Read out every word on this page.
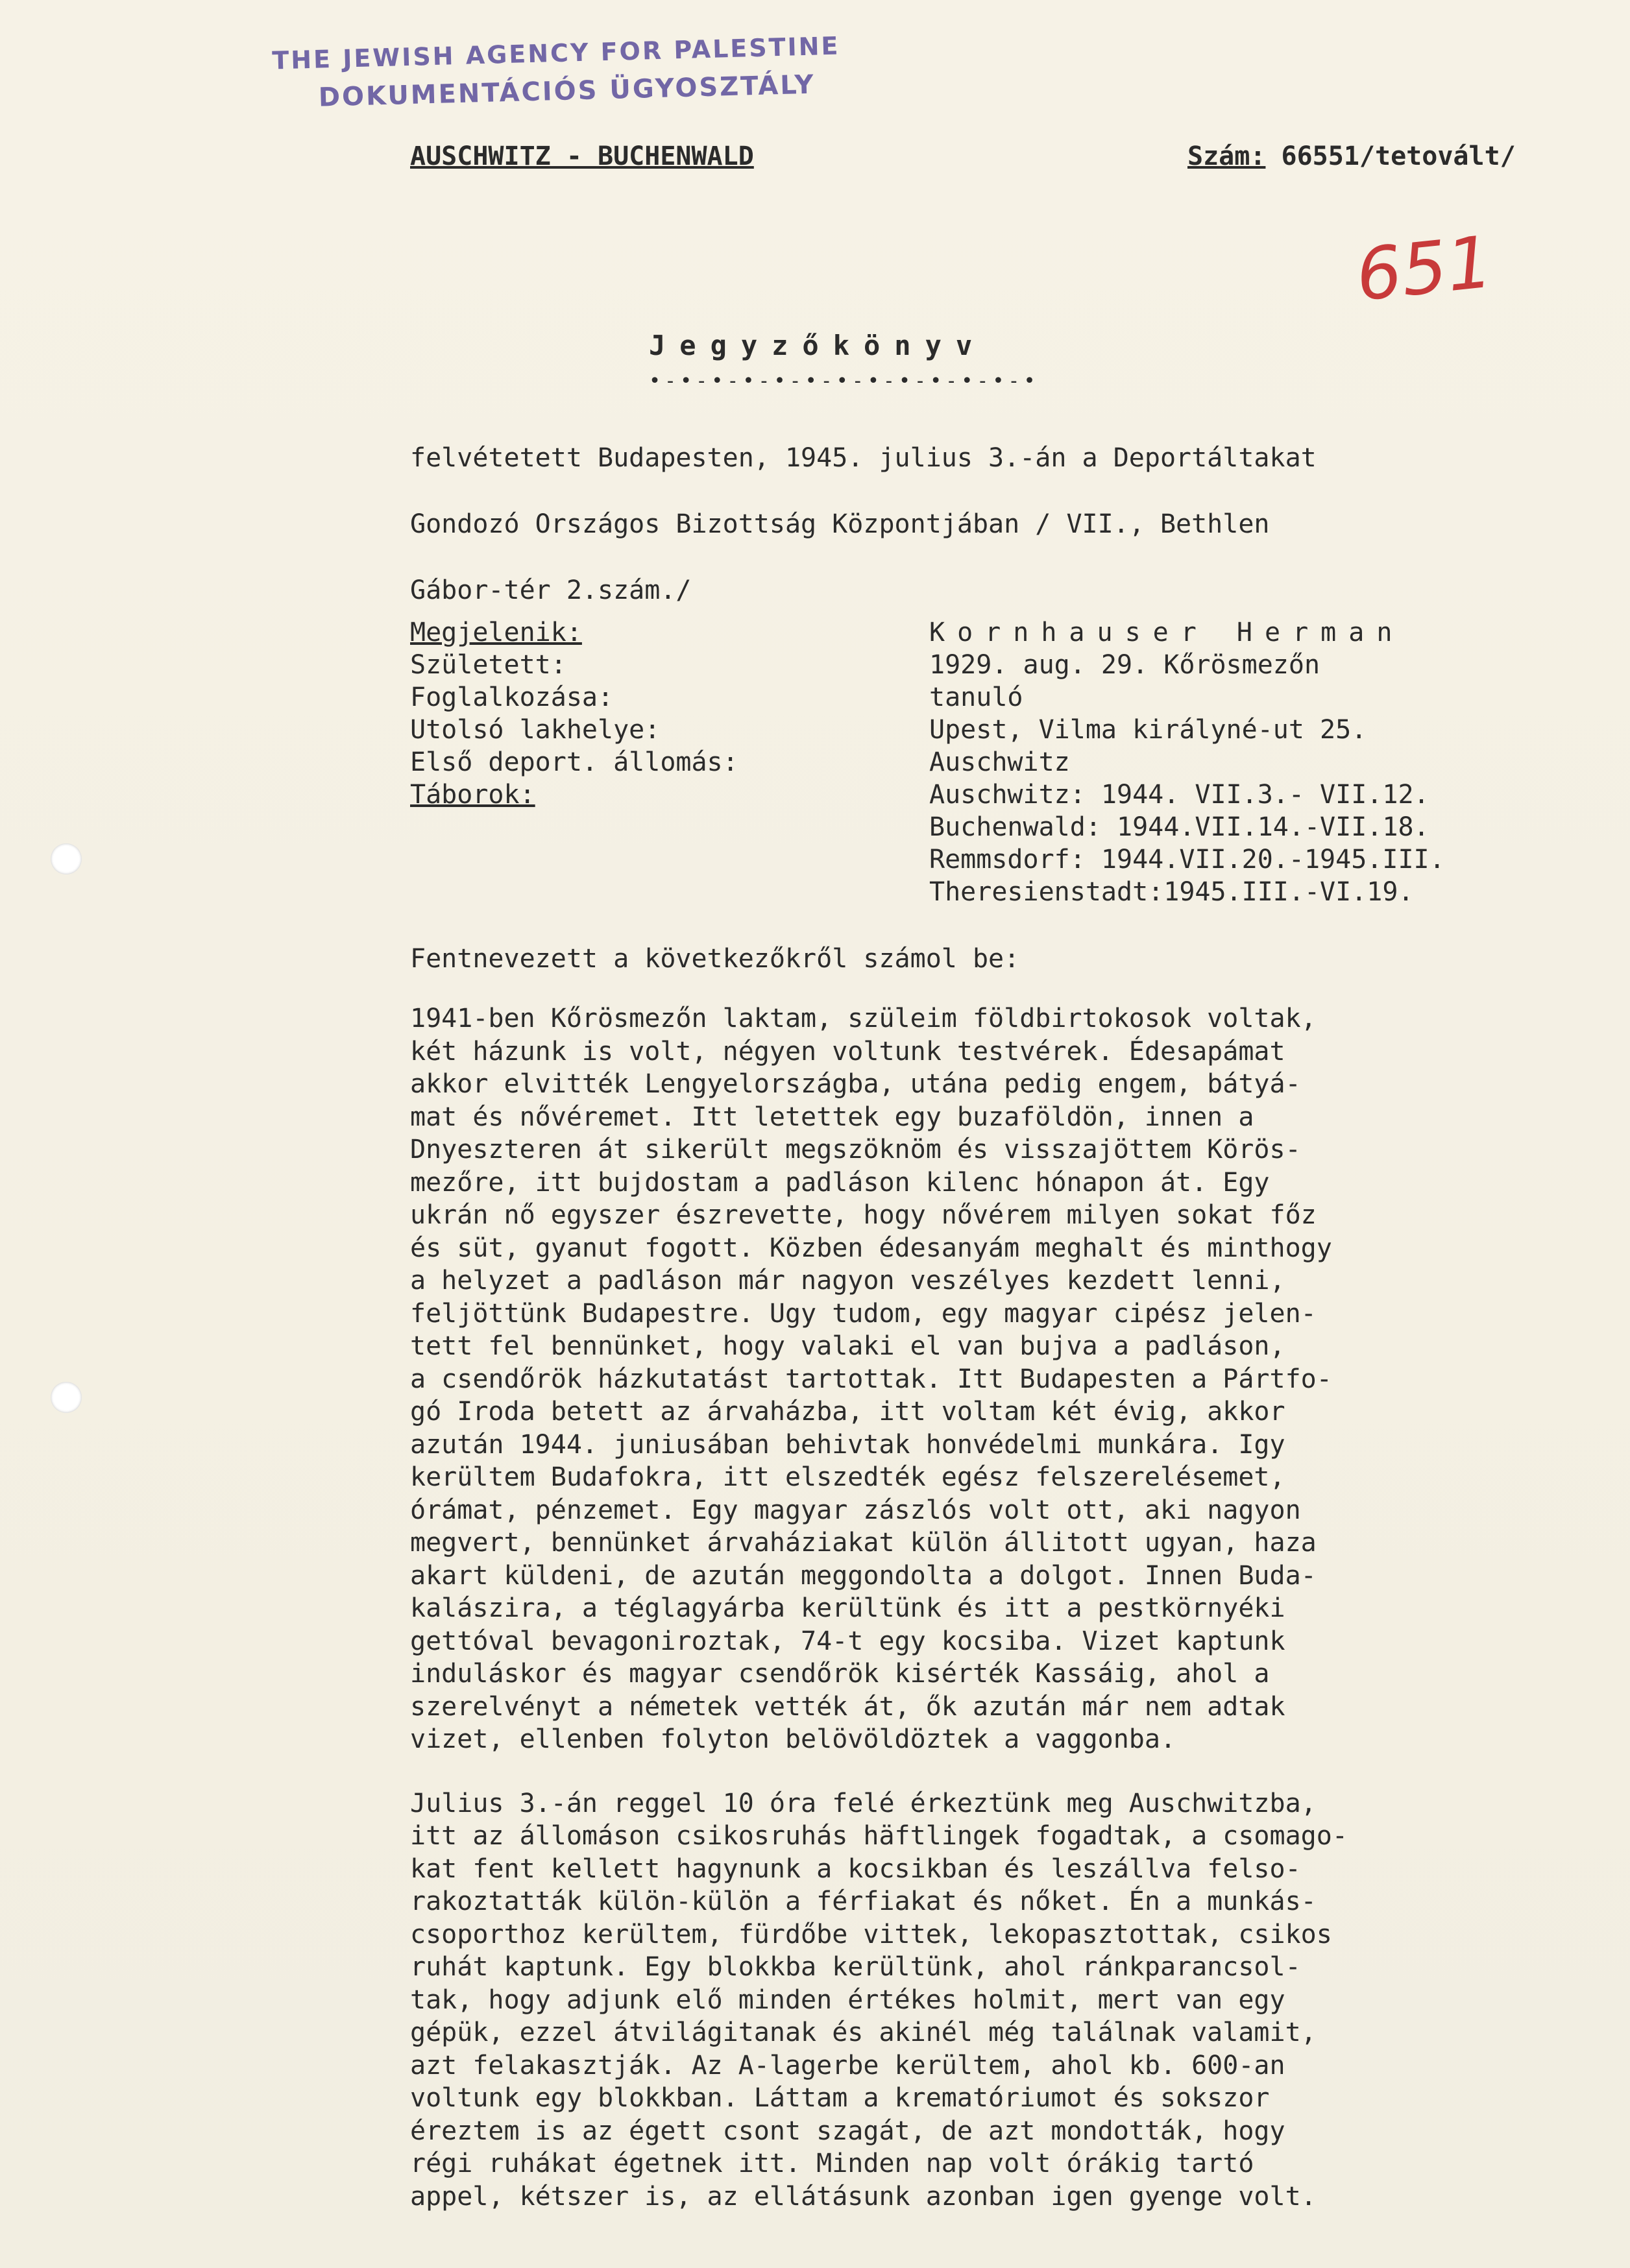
THE JEWISH AGENCY FOR PALESTINE
DOKUMENTÁCIÓS ÜGYOSZTÁLY
AUSCHWITZ - BUCHENWALD	Szám: 66551/tetovált/
651
Jegyzőkönyv
•-•-•-•-•-•-•-•-•-•-•-•-•

felvétetett Budapesten, 1945. julius 3.-án a Deportáltakat

Gondozó Országos Bizottság Központjában / VII., Bethlen

Gábor-tér 2.szám./

Megjelenik:	Kornhauser Herman
Született:	1929. aug. 29. Kőrösmezőn
Foglalkozása:	tanuló
Utolsó lakhelye:	Upest, Vilma királyné-ut 25.
Első deport. állomás:	Auschwitz
Táborok:	Auschwitz: 1944. VII.3.- VII.12.
Buchenwald: 1944.VII.14.-VII.18.
Remmsdorf: 1944.VII.20.-1945.III.
Theresienstadt:1945.III.-VI.19.
Fentnevezett a következőkről számol be:
1941-ben Kőrösmezőn laktam, szüleim földbirtokosok voltak,
két házunk is volt, négyen voltunk testvérek. Édesapámat
akkor elvitték Lengyelországba, utána pedig engem, bátyá-
mat és nővéremet. Itt letettek egy buzaföldön, innen a
Dnyeszteren át sikerült megszöknöm és visszajöttem Körös-
mezőre, itt bujdostam a padláson kilenc hónapon át. Egy
ukrán nő egyszer észrevette, hogy nővérem milyen sokat főz
és süt, gyanut fogott. Közben édesanyám meghalt és minthogy
a helyzet a padláson már nagyon veszélyes kezdett lenni,
feljöttünk Budapestre. Ugy tudom, egy magyar cipész jelen-
tett fel bennünket, hogy valaki el van bujva a padláson,
a csendőrök házkutatást tartottak. Itt Budapesten a Pártfo-
gó Iroda betett az árvaházba, itt voltam két évig, akkor
azután 1944. juniusában behivtak honvédelmi munkára. Igy
kerültem Budafokra, itt elszedték egész felszerelésemet,
órámat, pénzemet. Egy magyar zászlós volt ott, aki nagyon
megvert, bennünket árvaháziakat külön állitott ugyan, haza
akart küldeni, de azután meggondolta a dolgot. Innen Buda-
kalászira, a téglagyárba kerültünk és itt a pestkörnyéki
gettóval bevagoniroztak, 74-t egy kocsiba. Vizet kaptunk
induláskor és magyar csendőrök kisérték Kassáig, ahol a
szerelvényt a németek vették át, ők azután már nem adtak
vizet, ellenben folyton belövöldöztek a vaggonba.
Julius 3.-án reggel 10 óra felé érkeztünk meg Auschwitzba,
itt az állomáson csikosruhás häftlingek fogadtak, a csomago-
kat fent kellett hagynunk a kocsikban és leszállva felso-
rakoztatták külön-külön a férfiakat és nőket. Én a munkás-
csoporthoz kerültem, fürdőbe vittek, lekopasztottak, csikos
ruhát kaptunk. Egy blokkba kerültünk, ahol ránkparancsol-
tak, hogy adjunk elő minden értékes holmit, mert van egy
gépük, ezzel átvilágitanak és akinél még találnak valamit,
azt felakasztják. Az A-lagerbe kerültem, ahol kb. 600-an
voltunk egy blokkban. Láttam a krematóriumot és sokszor
éreztem is az égett csont szagát, de azt mondották, hogy
régi ruhákat égetnek itt. Minden nap volt órákig tartó
appel, kétszer is, az ellátásunk azonban igen gyenge volt.
